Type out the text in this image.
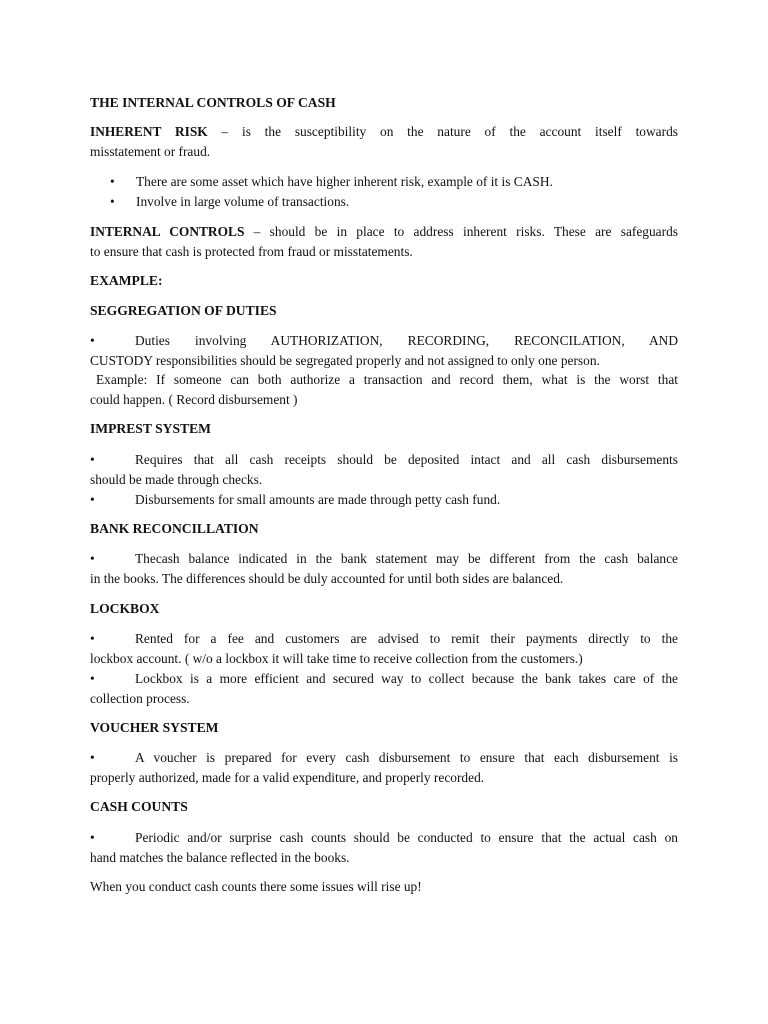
THE INTERNAL CONTROLS OF CASH
INHERENT RISK – is the susceptibility on the nature of the account itself towards
misstatement or fraud.
• There are some asset which have higher inherent risk, example of it is CASH.
• Involve in large volume of transactions.
INTERNAL CONTROLS – should be in place to address inherent risks. These are safeguards
to ensure that cash is protected from fraud or misstatements.
EXAMPLE:
SEGGREGATION OF DUTIES
•	Duties involving AUTHORIZATION, RECORDING, RECONCILATION, AND
CUSTODY responsibilities should be segregated properly and not assigned to only one person.
Example: If someone can both authorize a transaction and record them, what is the worst that
could happen. ( Record disbursement )
IMPREST SYSTEM
•	Requires that all cash receipts should be deposited intact and all cash disbursements
should be made through checks.
•	Disbursements for small amounts are made through petty cash fund.
BANK RECONCILLATION
•	Thecash balance indicated in the bank statement may be different from the cash balance
in the books. The differences should be duly accounted for until both sides are balanced.
LOCKBOX
•	Rented for a fee and customers are advised to remit their payments directly to the
lockbox account. ( w/o a lockbox it will take time to receive collection from the customers.)
•	Lockbox is a more efficient and secured way to collect because the bank takes care of the
collection process.
VOUCHER SYSTEM
•	A voucher is prepared for every cash disbursement to ensure that each disbursement is
properly authorized, made for a valid expenditure, and properly recorded.
CASH COUNTS
•	Periodic and/or surprise cash counts should be conducted to ensure that the actual cash on
hand matches the balance reflected in the books.
When you conduct cash counts there some issues will rise up!
